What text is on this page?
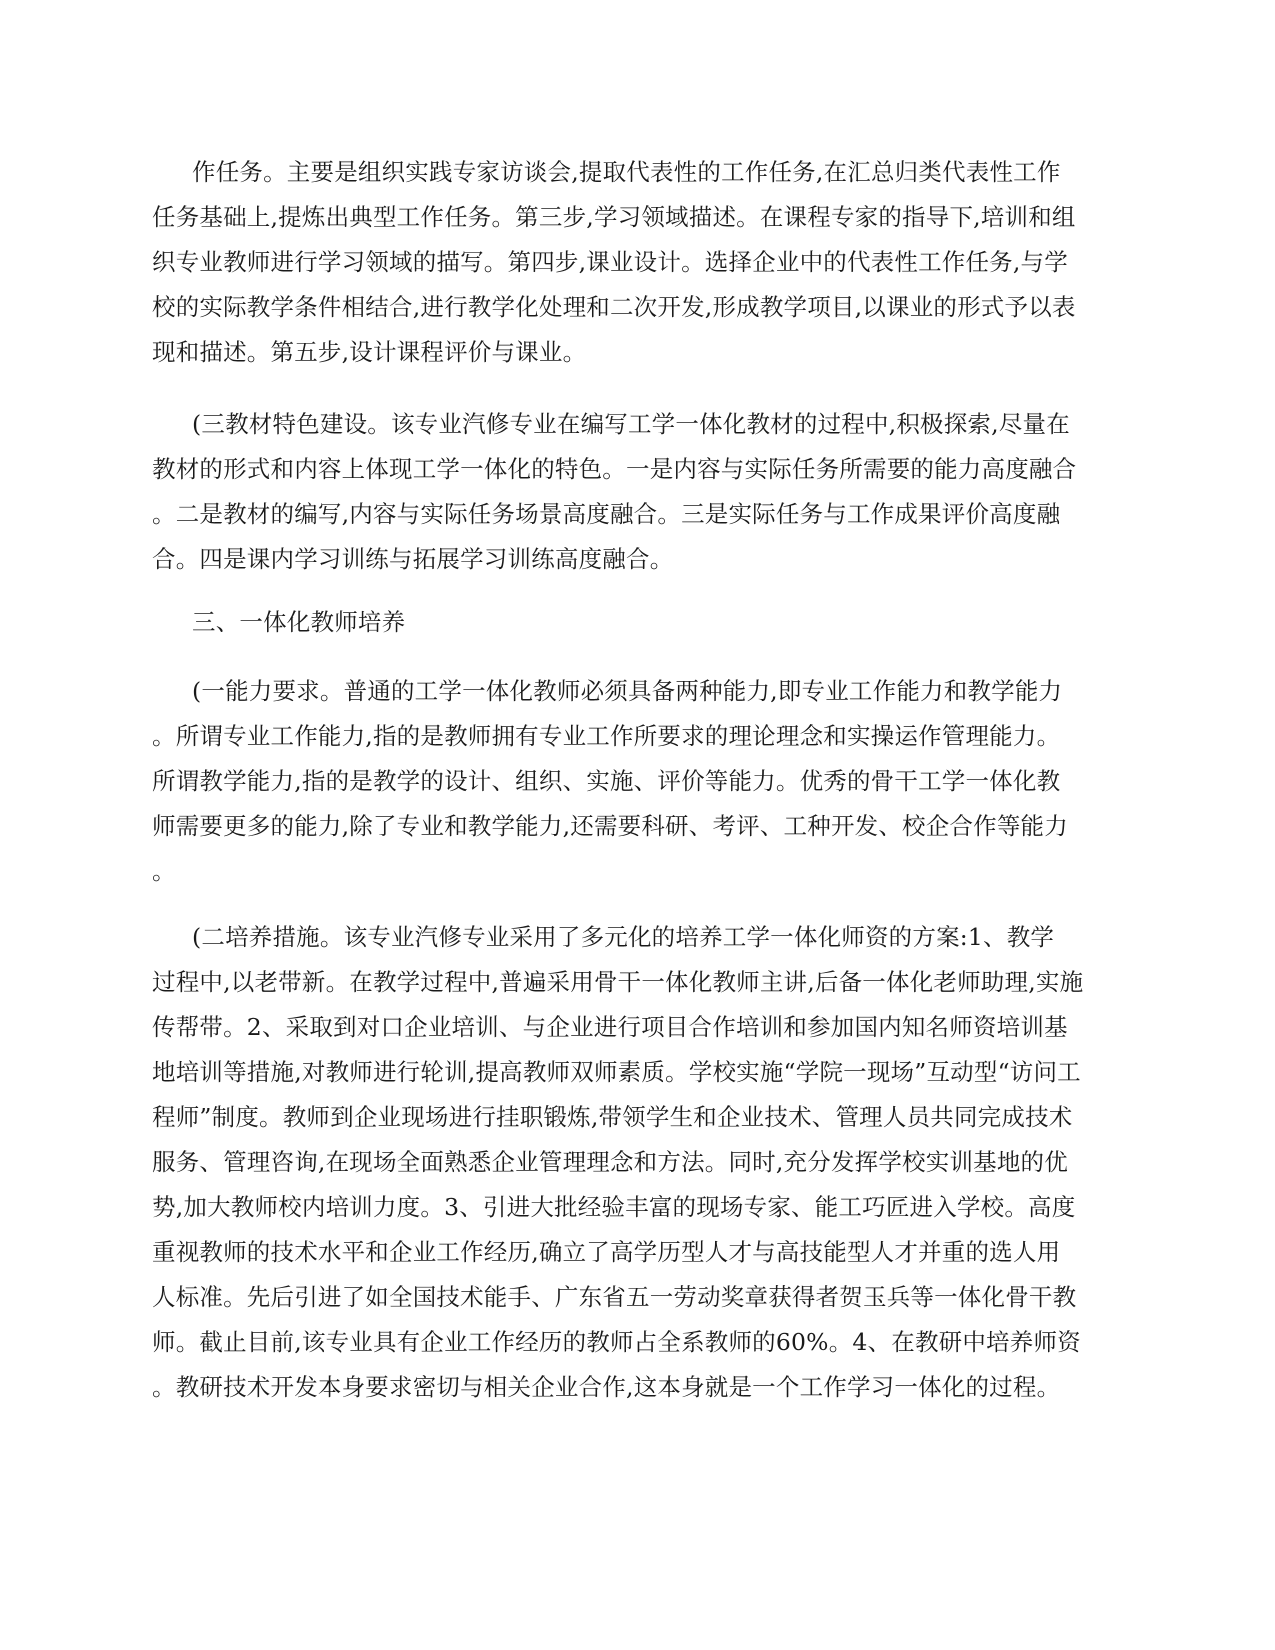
作任务。主要是组织实践专家访谈会,提取代表性的工作任务,在汇总归类代表性工作
任务基础上,提炼出典型工作任务。第三步,学习领域描述。在课程专家的指导下,培训和组
织专业教师进行学习领域的描写。第四步,课业设计。选择企业中的代表性工作任务,与学
校的实际教学条件相结合,进行教学化处理和二次开发,形成教学项目,以课业的形式予以表
现和描述。第五步,设计课程评价与课业。
(三教材特色建设。该专业汽修专业在编写工学一体化教材的过程中,积极探索,尽量在
教材的形式和内容上体现工学一体化的特色。一是内容与实际任务所需要的能力高度融合
。二是教材的编写,内容与实际任务场景高度融合。三是实际任务与工作成果评价高度融
合。四是课内学习训练与拓展学习训练高度融合。
三、一体化教师培养
(一能力要求。普通的工学一体化教师必须具备两种能力,即专业工作能力和教学能力
。所谓专业工作能力,指的是教师拥有专业工作所要求的理论理念和实操运作管理能力。
所谓教学能力,指的是教学的设计、组织、实施、评价等能力。优秀的骨干工学一体化教
师需要更多的能力,除了专业和教学能力,还需要科研、考评、工种开发、校企合作等能力
。
(二培养措施。该专业汽修专业采用了多元化的培养工学一体化师资的方案:1、教学
过程中,以老带新。在教学过程中,普遍采用骨干一体化教师主讲,后备一体化老师助理,实施
传帮带。2、采取到对口企业培训、与企业进行项目合作培训和参加国内知名师资培训基
地培训等措施,对教师进行轮训,提高教师双师素质。学校实施“学院一现场”互动型“访问工
程师”制度。教师到企业现场进行挂职锻炼,带领学生和企业技术、管理人员共同完成技术
服务、管理咨询,在现场全面熟悉企业管理理念和方法。同时,充分发挥学校实训基地的优
势,加大教师校内培训力度。3、引进大批经验丰富的现场专家、能工巧匠进入学校。高度
重视教师的技术水平和企业工作经历,确立了高学历型人才与高技能型人才并重的选人用
人标准。先后引进了如全国技术能手、广东省五一劳动奖章获得者贺玉兵等一体化骨干教
师。截止目前,该专业具有企业工作经历的教师占全系教师的60%。4、在教研中培养师资
。教研技术开发本身要求密切与相关企业合作,这本身就是一个工作学习一体化的过程。
